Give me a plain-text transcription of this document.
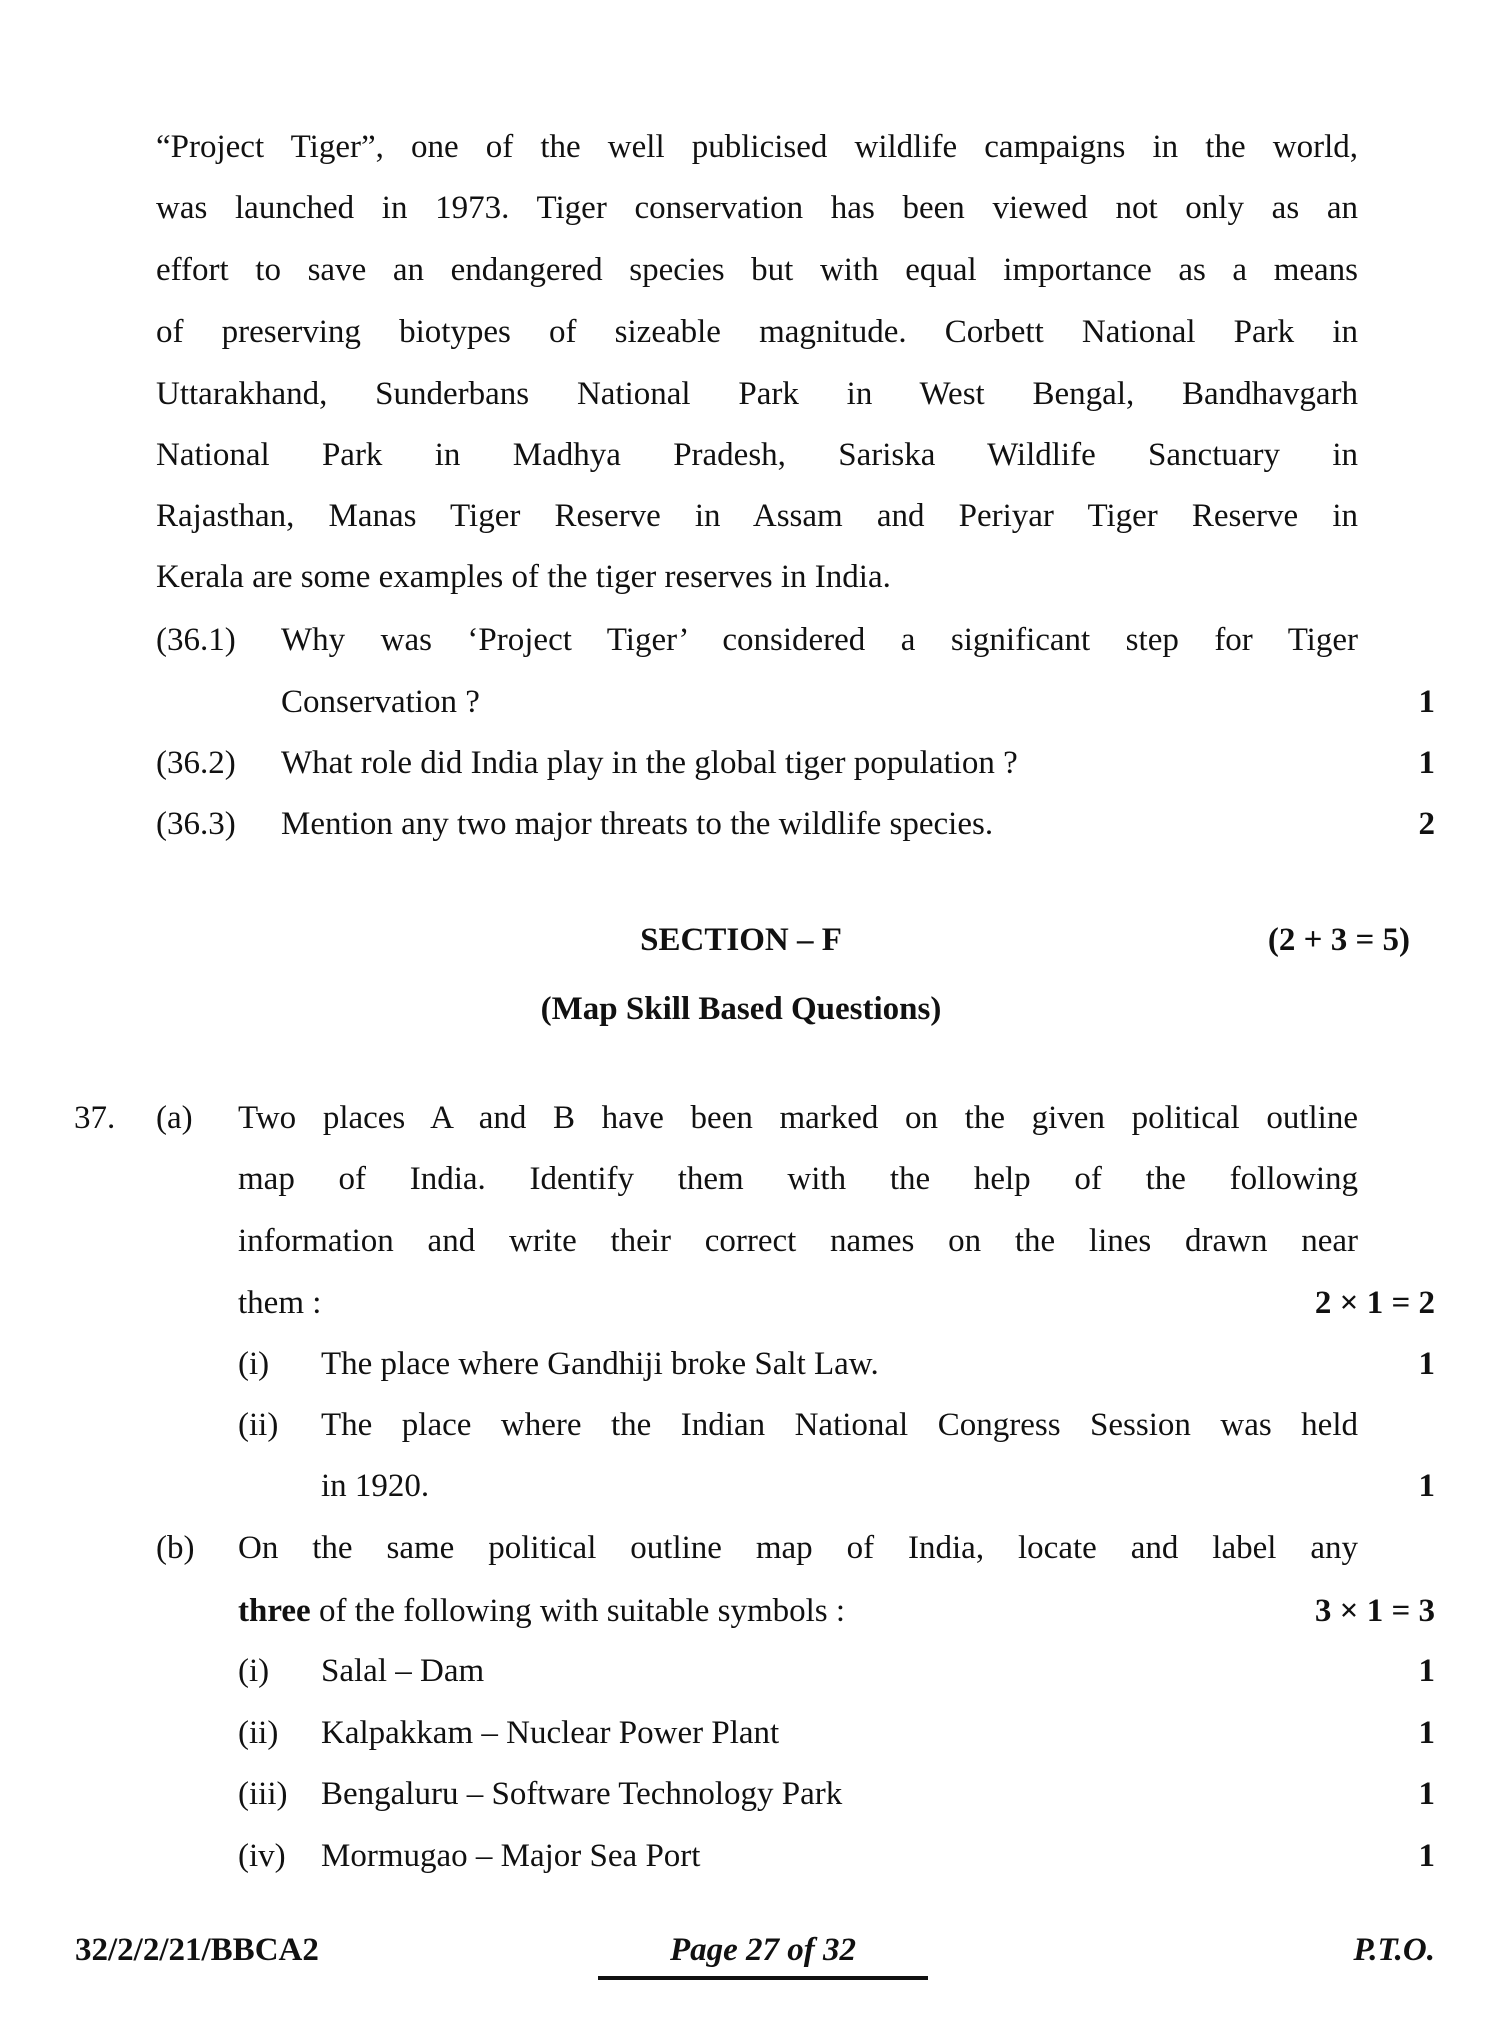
“Project Tiger”, one of the well publicised wildlife campaigns in the world,
was launched in 1973. Tiger conservation has been viewed not only as an
effort to save an endangered species but with equal importance as a means
of preserving biotypes of sizeable magnitude. Corbett National Park in
Uttarakhand, Sunderbans National Park in West Bengal, Bandhavgarh
National Park in Madhya Pradesh, Sariska Wildlife Sanctuary in
Rajasthan, Manas Tiger Reserve in Assam and Periyar Tiger Reserve in
Kerala are some examples of the tiger reserves in India.
(36.1) Why was ‘Project Tiger’ considered a significant step for Tiger
Conservation ?	1
(36.2) What role did India play in the global tiger population ?	1
(36.3) Mention any two major threats to the wildlife species.	2
SECTION – F	(2 + 3 = 5)
(Map Skill Based Questions)
37. (a) Two places A and B have been marked on the given political outline
map of India. Identify them with the help of the following
information and write their correct names on the lines drawn near
them :	2 × 1 = 2
(i) The place where Gandhiji broke Salt Law.	1
(ii) The place where the Indian National Congress Session was held
in 1920.	1
(b) On the same political outline map of India, locate and label any
three of the following with suitable symbols :	3 × 1 = 3
(i) Salal – Dam	1
(ii) Kalpakkam – Nuclear Power Plant	1
(iii) Bengaluru – Software Technology Park	1
(iv) Mormugao – Major Sea Port	1
32/2/2/21/BBCA2	Page 27 of 32	P.T.O.
